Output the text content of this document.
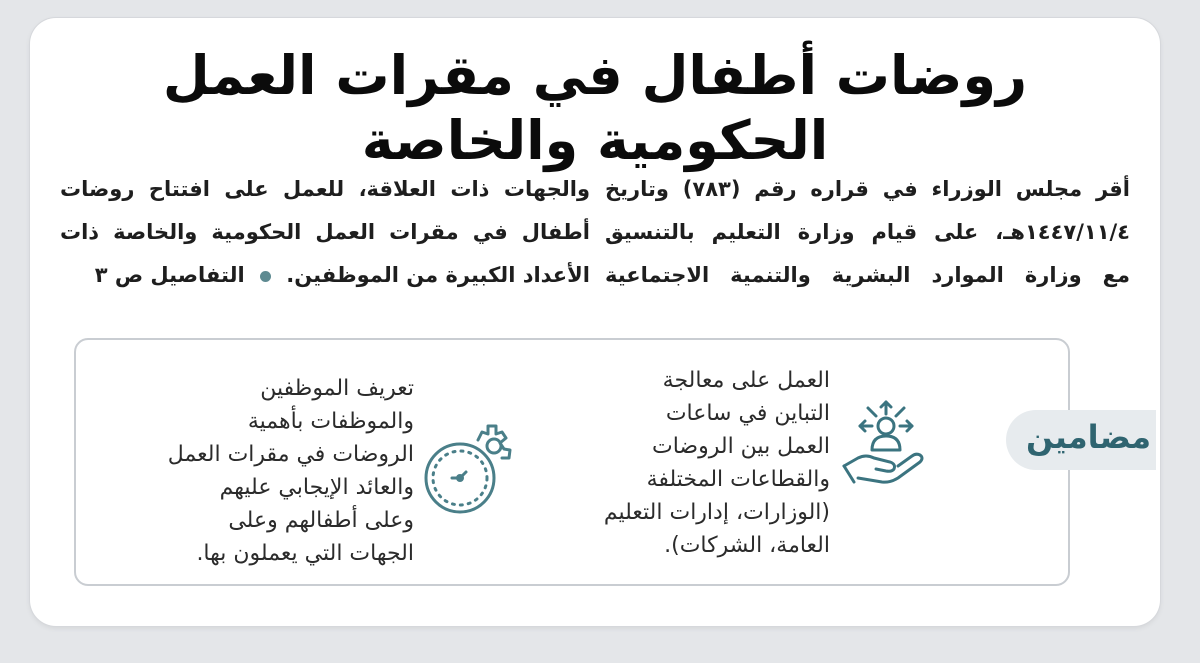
روضات أطفال في مقرات العمل الحكومية والخاصة

أقر مجلس الوزراء في قراره رقم (٧٨٣) وتاريخ

١٤٤٧/١١/٤هـ، على قيام وزارة التعليم بالتنسيق

مع وزارة الموارد البشرية والتنمية الاجتماعية

والجهات ذات العلاقة، للعمل على افتتاح روضات

أطفال في مقرات العمل الحكومية والخاصة ذات

الأعداد الكبيرة من الموظفين.  التفاصيل ص ٣

مضامين

العمل على معالجة

التباين في ساعات

العمل بين الروضات

والقطاعات المختلفة

(الوزارات، إدارات التعليم

العامة، الشركات).

تعريف الموظفين

والموظفات بأهمية

الروضات في مقرات العمل

والعائد الإيجابي عليهم

وعلى أطفالهم وعلى

الجهات التي يعملون بها.
